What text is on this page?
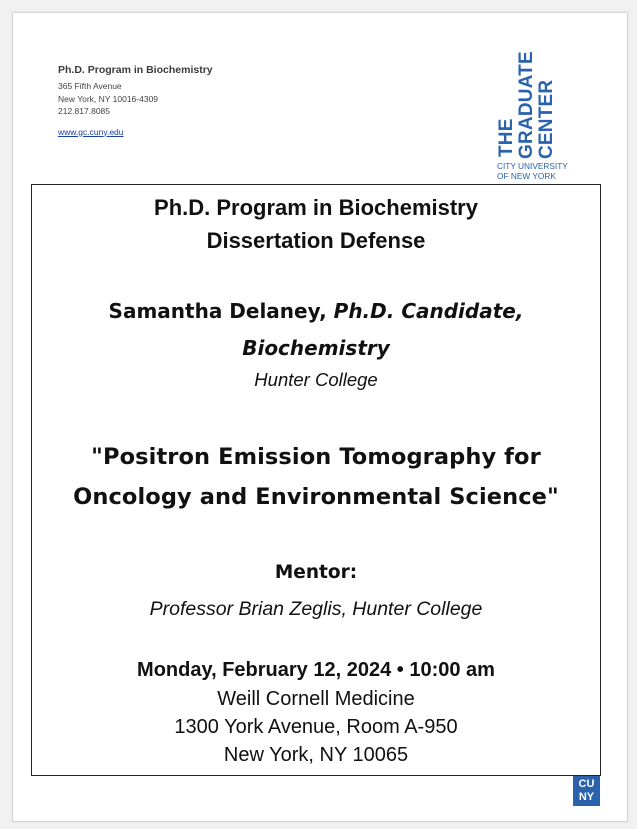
Ph.D. Program in Biochemistry
365 Fifth Avenue
New York, NY 10016-4309
212.817.8085
www.gc.cuny.edu	THE GRADUATE CENTER
CITY UNIVERSITY
OF NEW YORK
Ph.D. Program in Biochemistry
Dissertation Defense
Samantha Delaney, Ph.D. Candidate,
Biochemistry
Hunter College
"Positron Emission Tomography for
Oncology and Environmental Science"
Mentor:
Professor Brian Zeglis, Hunter College
Monday, February 12, 2024 • 10:00 am
Weill Cornell Medicine
1300 York Avenue, Room A-950
New York, NY 10065
CU
NY
